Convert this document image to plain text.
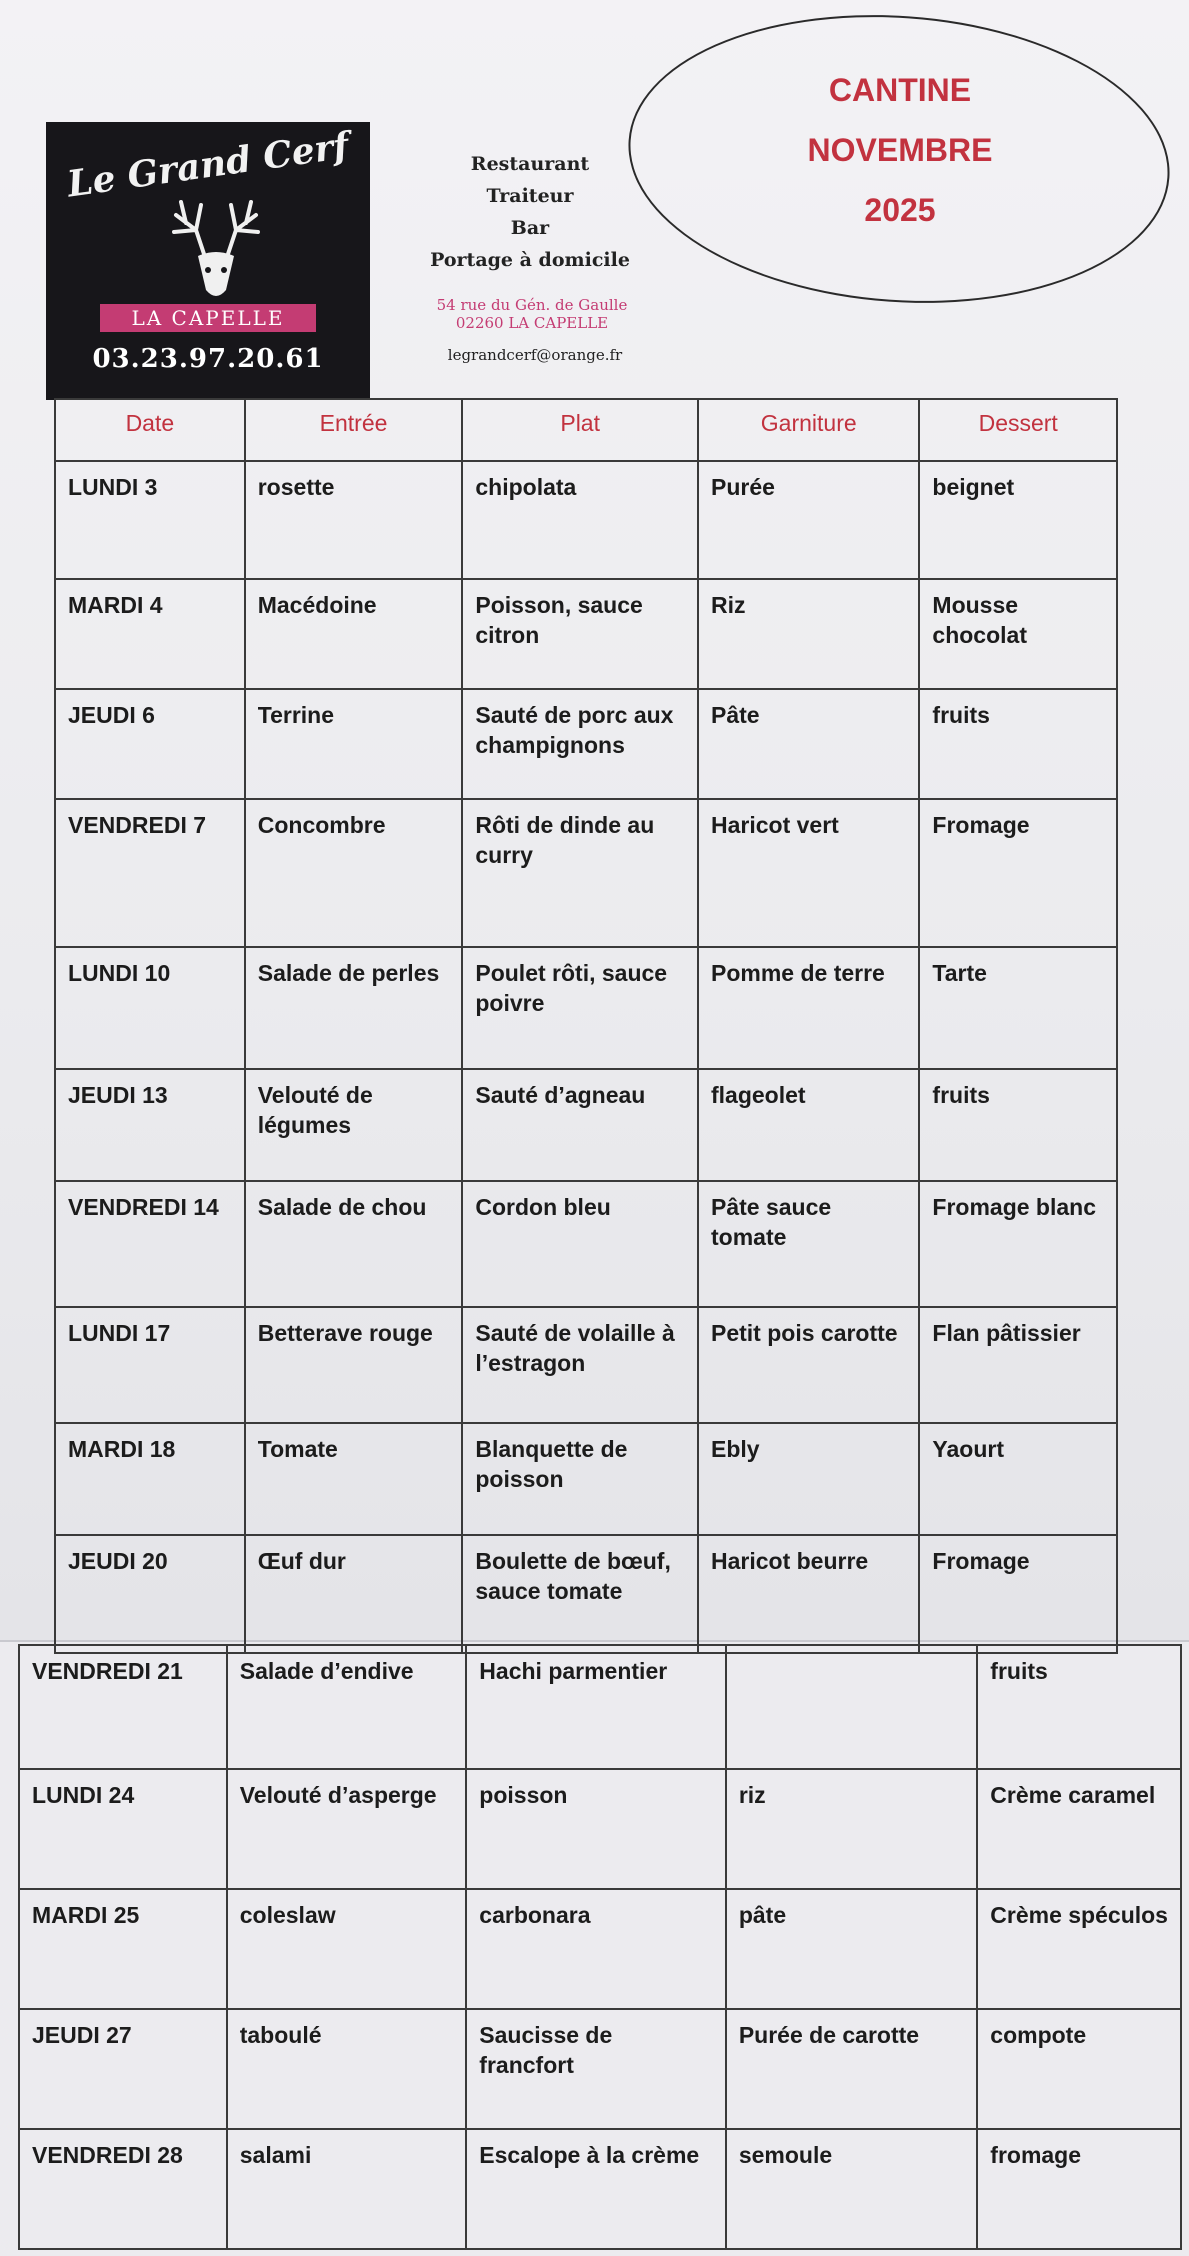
Le Grand Cerf
LA CAPELLE
03.23.97.20.61
Restaurant
Traiteur
Bar
Portage à domicile
54 rue du Gén. de Gaulle
02260 LA CAPELLE
legrandcerf@orange.fr
CANTINE
NOVEMBRE
2025
Date	Entrée	Plat	Garniture	Dessert
LUNDI 3	rosette	chipolata	Purée	beignet
MARDI 4	Macédoine	Poisson, sauce citron	Riz	Mousse chocolat
JEUDI 6	Terrine	Sauté de porc aux champignons	Pâte	fruits
VENDREDI 7	Concombre	Rôti de dinde au curry	Haricot vert	Fromage
LUNDI 10	Salade de perles	Poulet rôti, sauce poivre	Pomme de terre	Tarte
JEUDI 13	Velouté de légumes	Sauté d’agneau	flageolet	fruits
VENDREDI 14	Salade de chou	Cordon bleu	Pâte sauce tomate	Fromage blanc
LUNDI 17	Betterave rouge	Sauté de volaille à l’estragon	Petit pois carotte	Flan pâtissier
MARDI 18	Tomate	Blanquette de poisson	Ebly	Yaourt
JEUDI 20	Œuf dur	Boulette de bœuf, sauce tomate	Haricot beurre	Fromage
VENDREDI 21	Salade d’endive	Hachi parmentier		fruits
LUNDI 24	Velouté d’asperge	poisson	riz	Crème caramel
MARDI 25	coleslaw	carbonara	pâte	Crème spéculos
JEUDI 27	taboulé	Saucisse de francfort	Purée de carotte	compote
VENDREDI 28	salami	Escalope à la crème	semoule	fromage
